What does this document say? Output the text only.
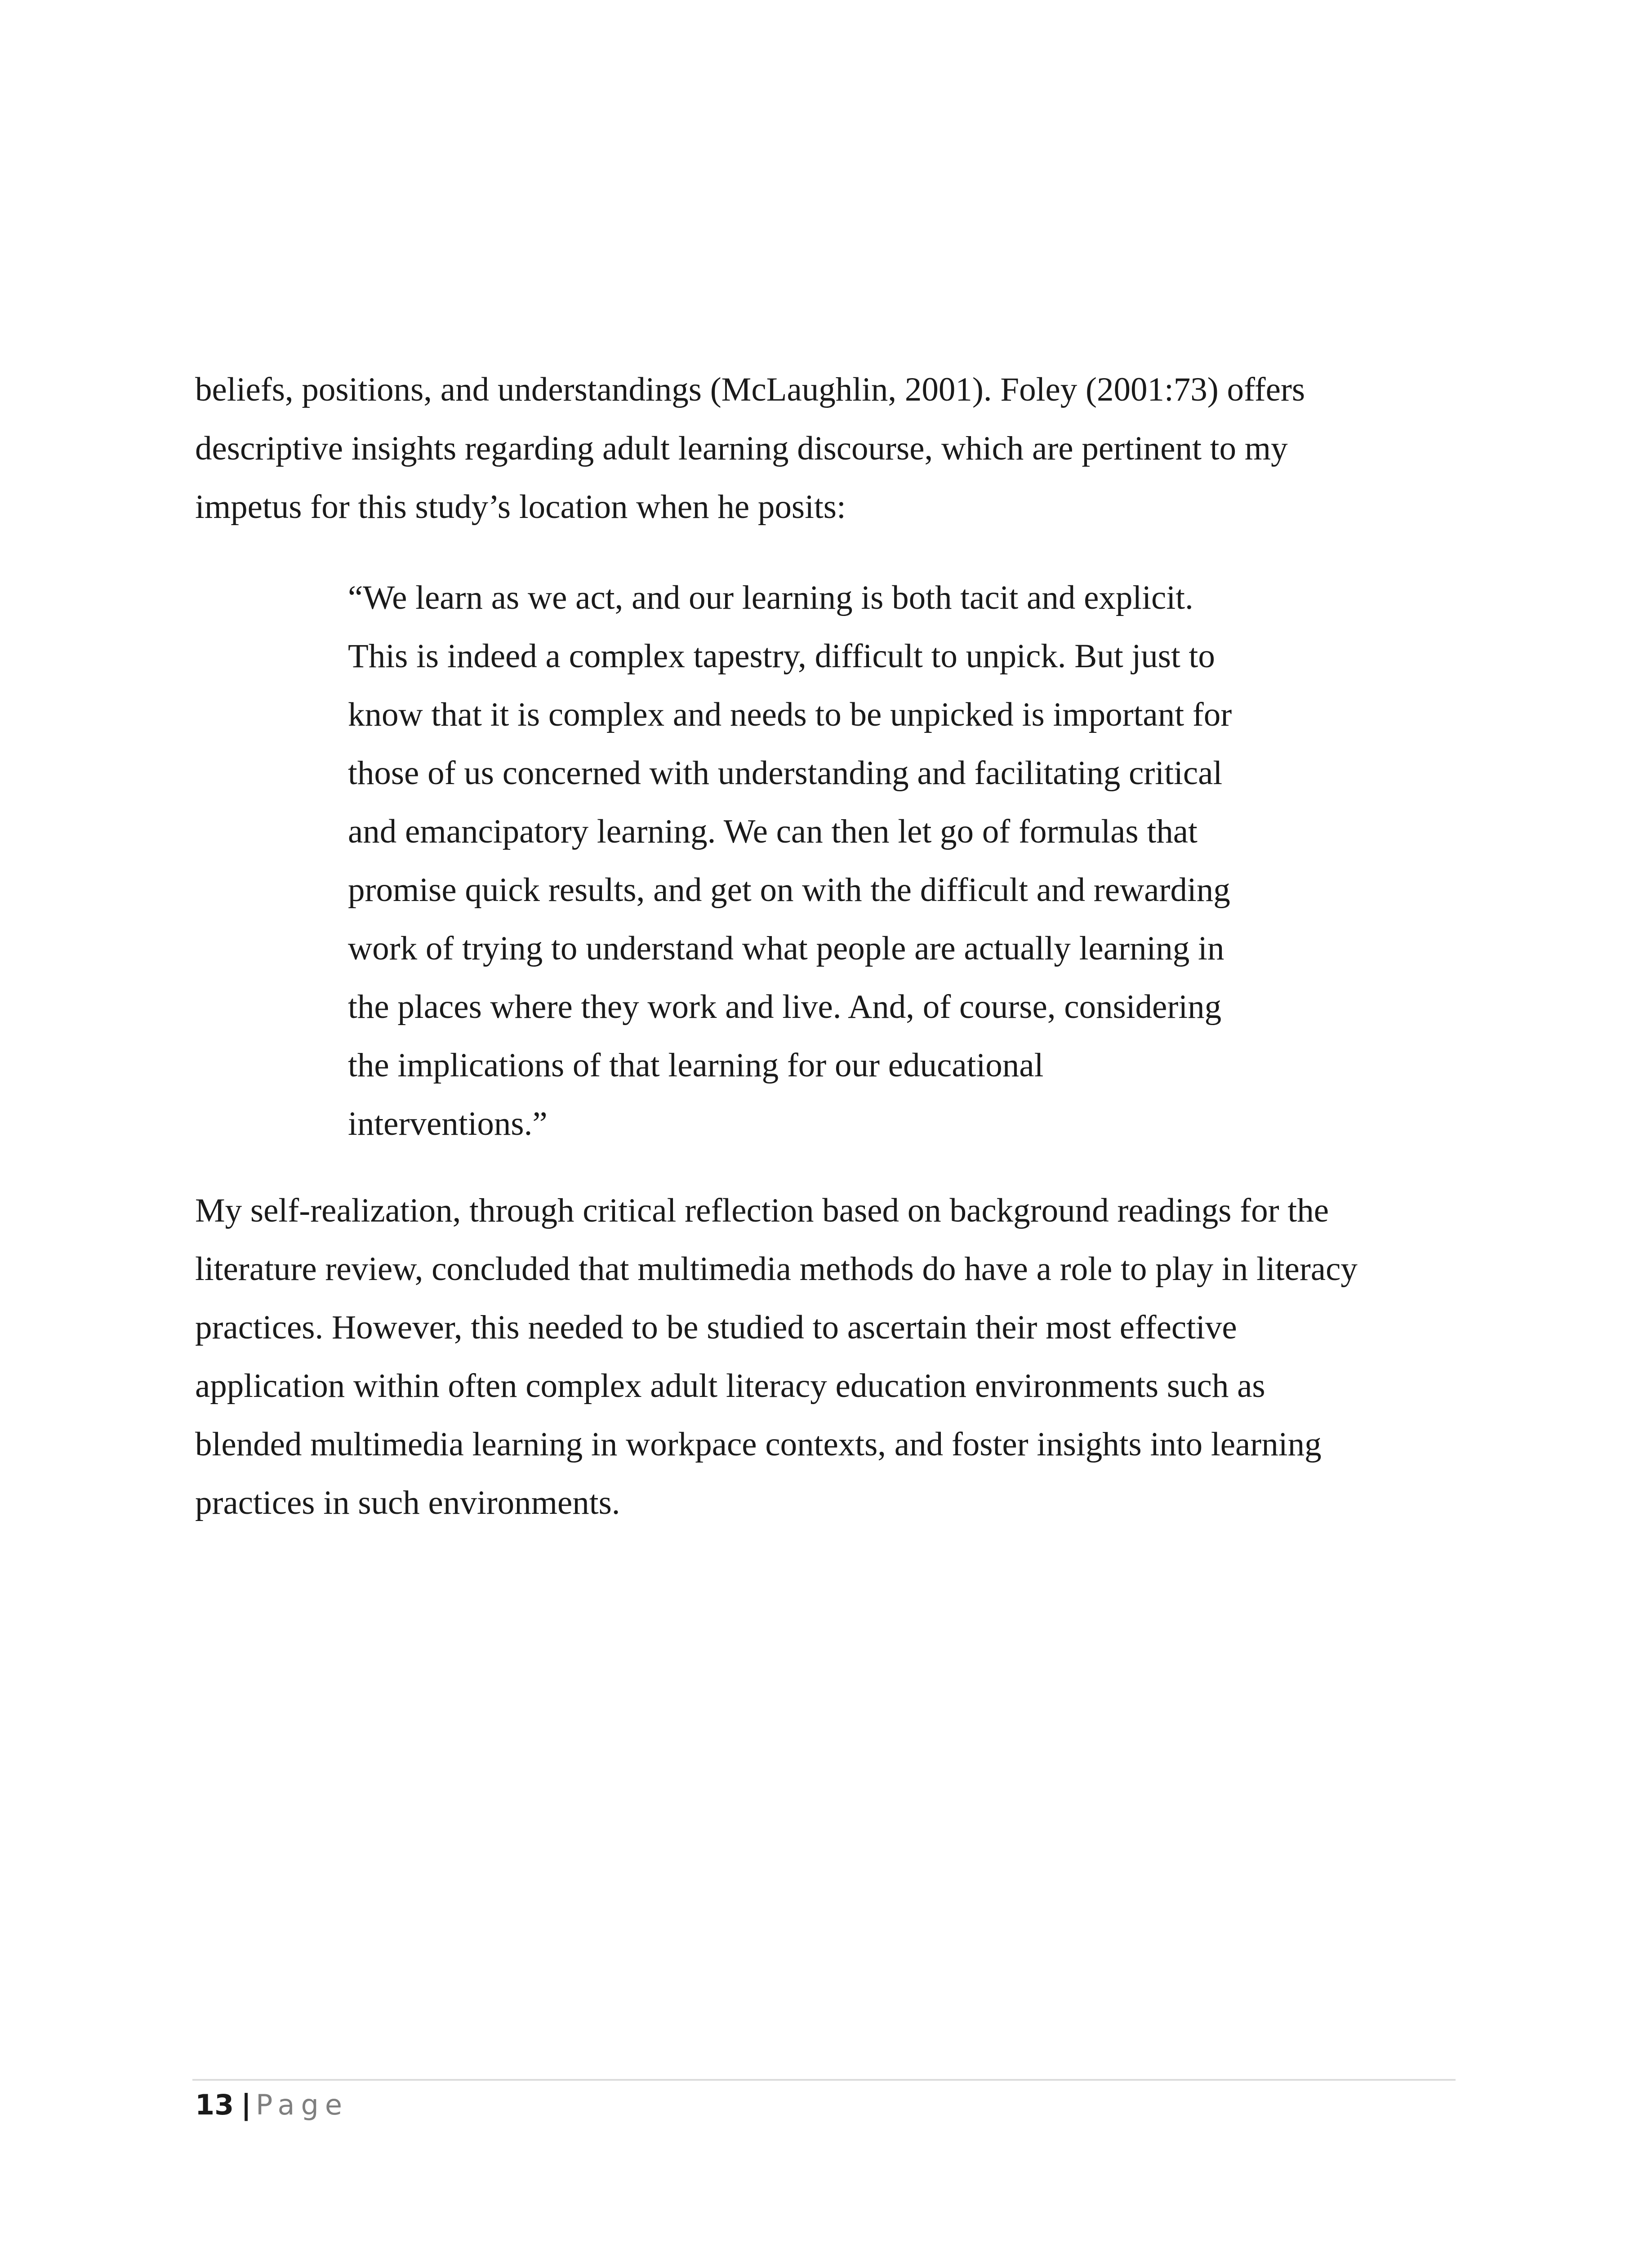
beliefs, positions, and understandings (McLaughlin, 2001). Foley (2001:73) offers

descriptive insights regarding adult learning discourse, which are pertinent to my

impetus for this study’s location when he posits:

“We learn as we act, and our learning is both tacit and explicit.

This is indeed a complex tapestry, difficult to unpick. But just to

know that it is complex and needs to be unpicked is important for

those of us concerned with understanding and facilitating critical

and emancipatory learning. We can then let go of formulas that

promise quick results, and get on with the difficult and rewarding

work of trying to understand what people are actually learning in

the places where they work and live. And, of course, considering

the implications of that learning for our educational

interventions.”

My self-realization, through critical reflection based on background readings for the

literature review, concluded that multimedia methods do have a role to play in literacy

practices. However, this needed to be studied to ascertain their most effective

application within often complex adult literacy education environments such as

blended multimedia learning in workpace contexts, and foster insights into learning

practices in such environments.

13 | Page
